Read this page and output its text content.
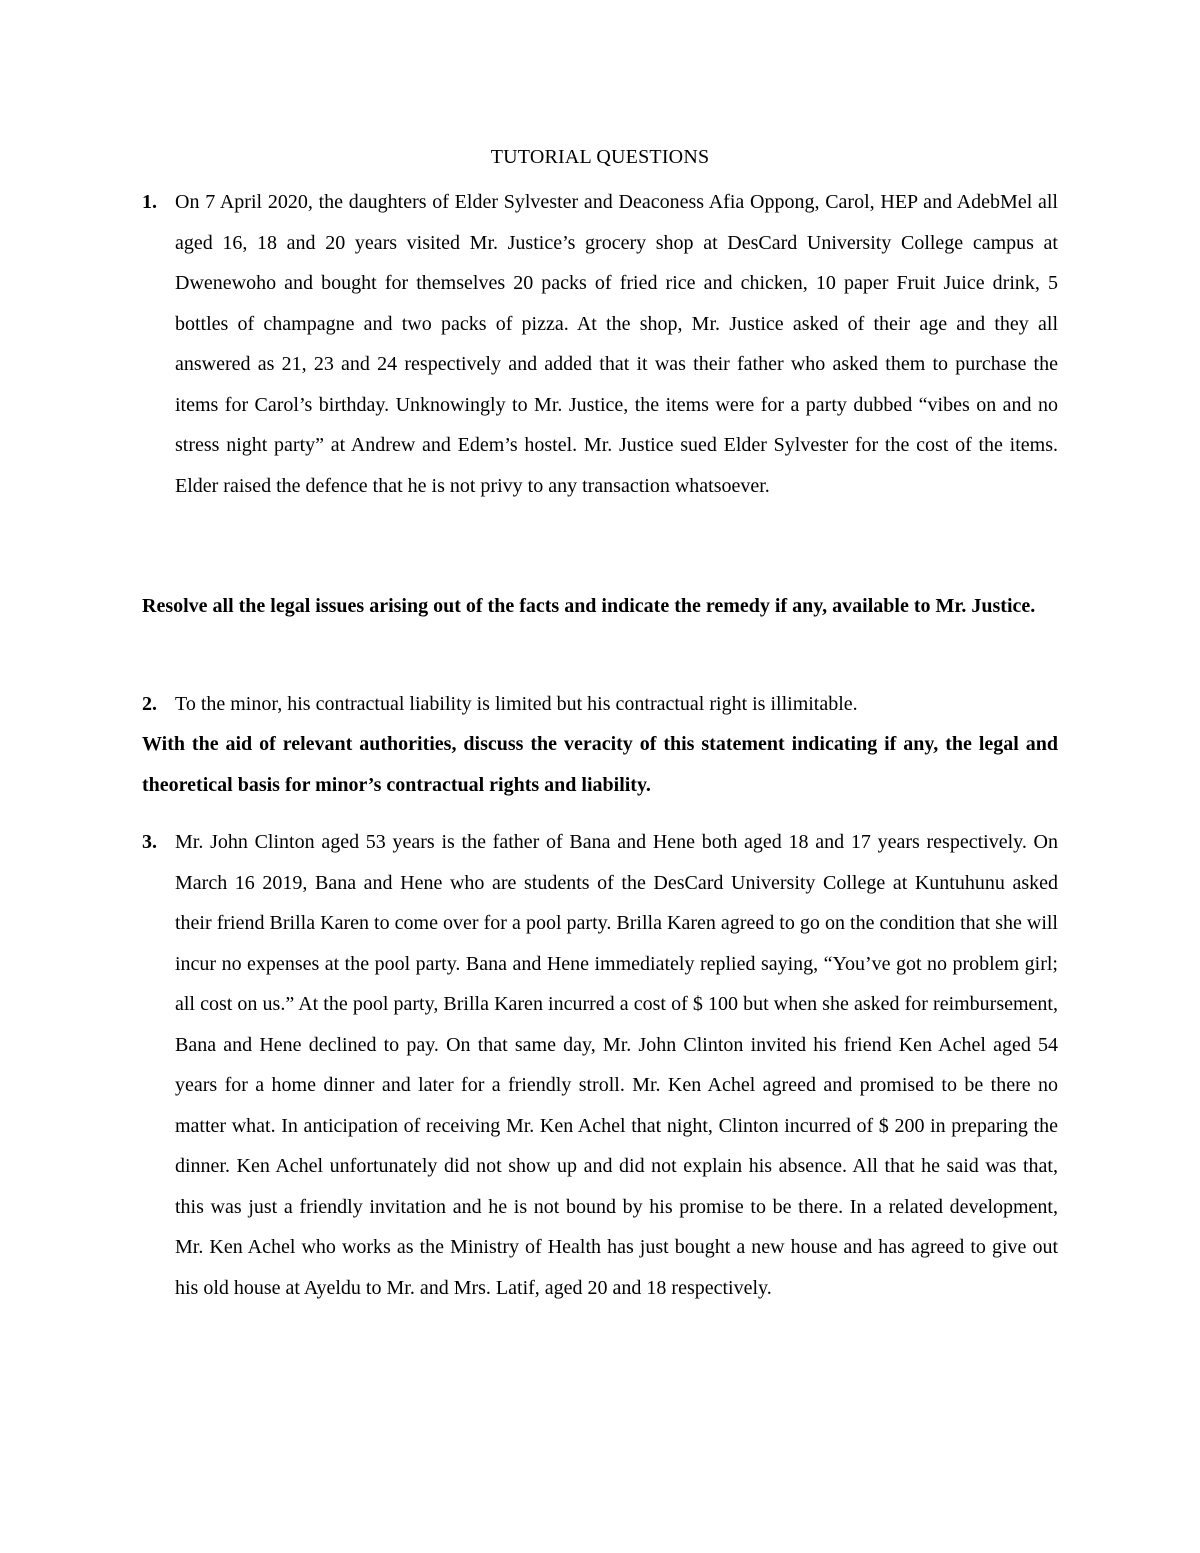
TUTORIAL QUESTIONS
1. On 7 April 2020, the daughters of Elder Sylvester and Deaconess Afia Oppong, Carol, HEP and AdebMel all aged 16, 18 and 20 years visited Mr. Justice’s grocery shop at DesCard University College campus at Dwenewoho and bought for themselves 20 packs of fried rice and chicken, 10 paper Fruit Juice drink, 5 bottles of champagne and two packs of pizza. At the shop, Mr. Justice asked of their age and they all answered as 21, 23 and 24 respectively and added that it was their father who asked them to purchase the items for Carol’s birthday. Unknowingly to Mr. Justice, the items were for a party dubbed “vibes on and no stress night party” at Andrew and Edem’s hostel. Mr. Justice sued Elder Sylvester for the cost of the items. Elder raised the defence that he is not privy to any transaction whatsoever.
Resolve all the legal issues arising out of the facts and indicate the remedy if any, available to Mr. Justice.
2. To the minor, his contractual liability is limited but his contractual right is illimitable.
With the aid of relevant authorities, discuss the veracity of this statement indicating if any, the legal and theoretical basis for minor’s contractual rights and liability.
3. Mr. John Clinton aged 53 years is the father of Bana and Hene both aged 18 and 17 years respectively. On March 16 2019, Bana and Hene who are students of the DesCard University College at Kuntuhunu asked their friend Brilla Karen to come over for a pool party. Brilla Karen agreed to go on the condition that she will incur no expenses at the pool party. Bana and Hene immediately replied saying, “You’ve got no problem girl; all cost on us.” At the pool party, Brilla Karen incurred a cost of $ 100 but when she asked for reimbursement, Bana and Hene declined to pay. On that same day, Mr. John Clinton invited his friend Ken Achel aged 54 years for a home dinner and later for a friendly stroll. Mr. Ken Achel agreed and promised to be there no matter what. In anticipation of receiving Mr. Ken Achel that night, Clinton incurred of $ 200 in preparing the dinner. Ken Achel unfortunately did not show up and did not explain his absence. All that he said was that, this was just a friendly invitation and he is not bound by his promise to be there. In a related development, Mr. Ken Achel who works as the Ministry of Health has just bought a new house and has agreed to give out his old house at Ayeldu to Mr. and Mrs. Latif, aged 20 and 18 respectively.
